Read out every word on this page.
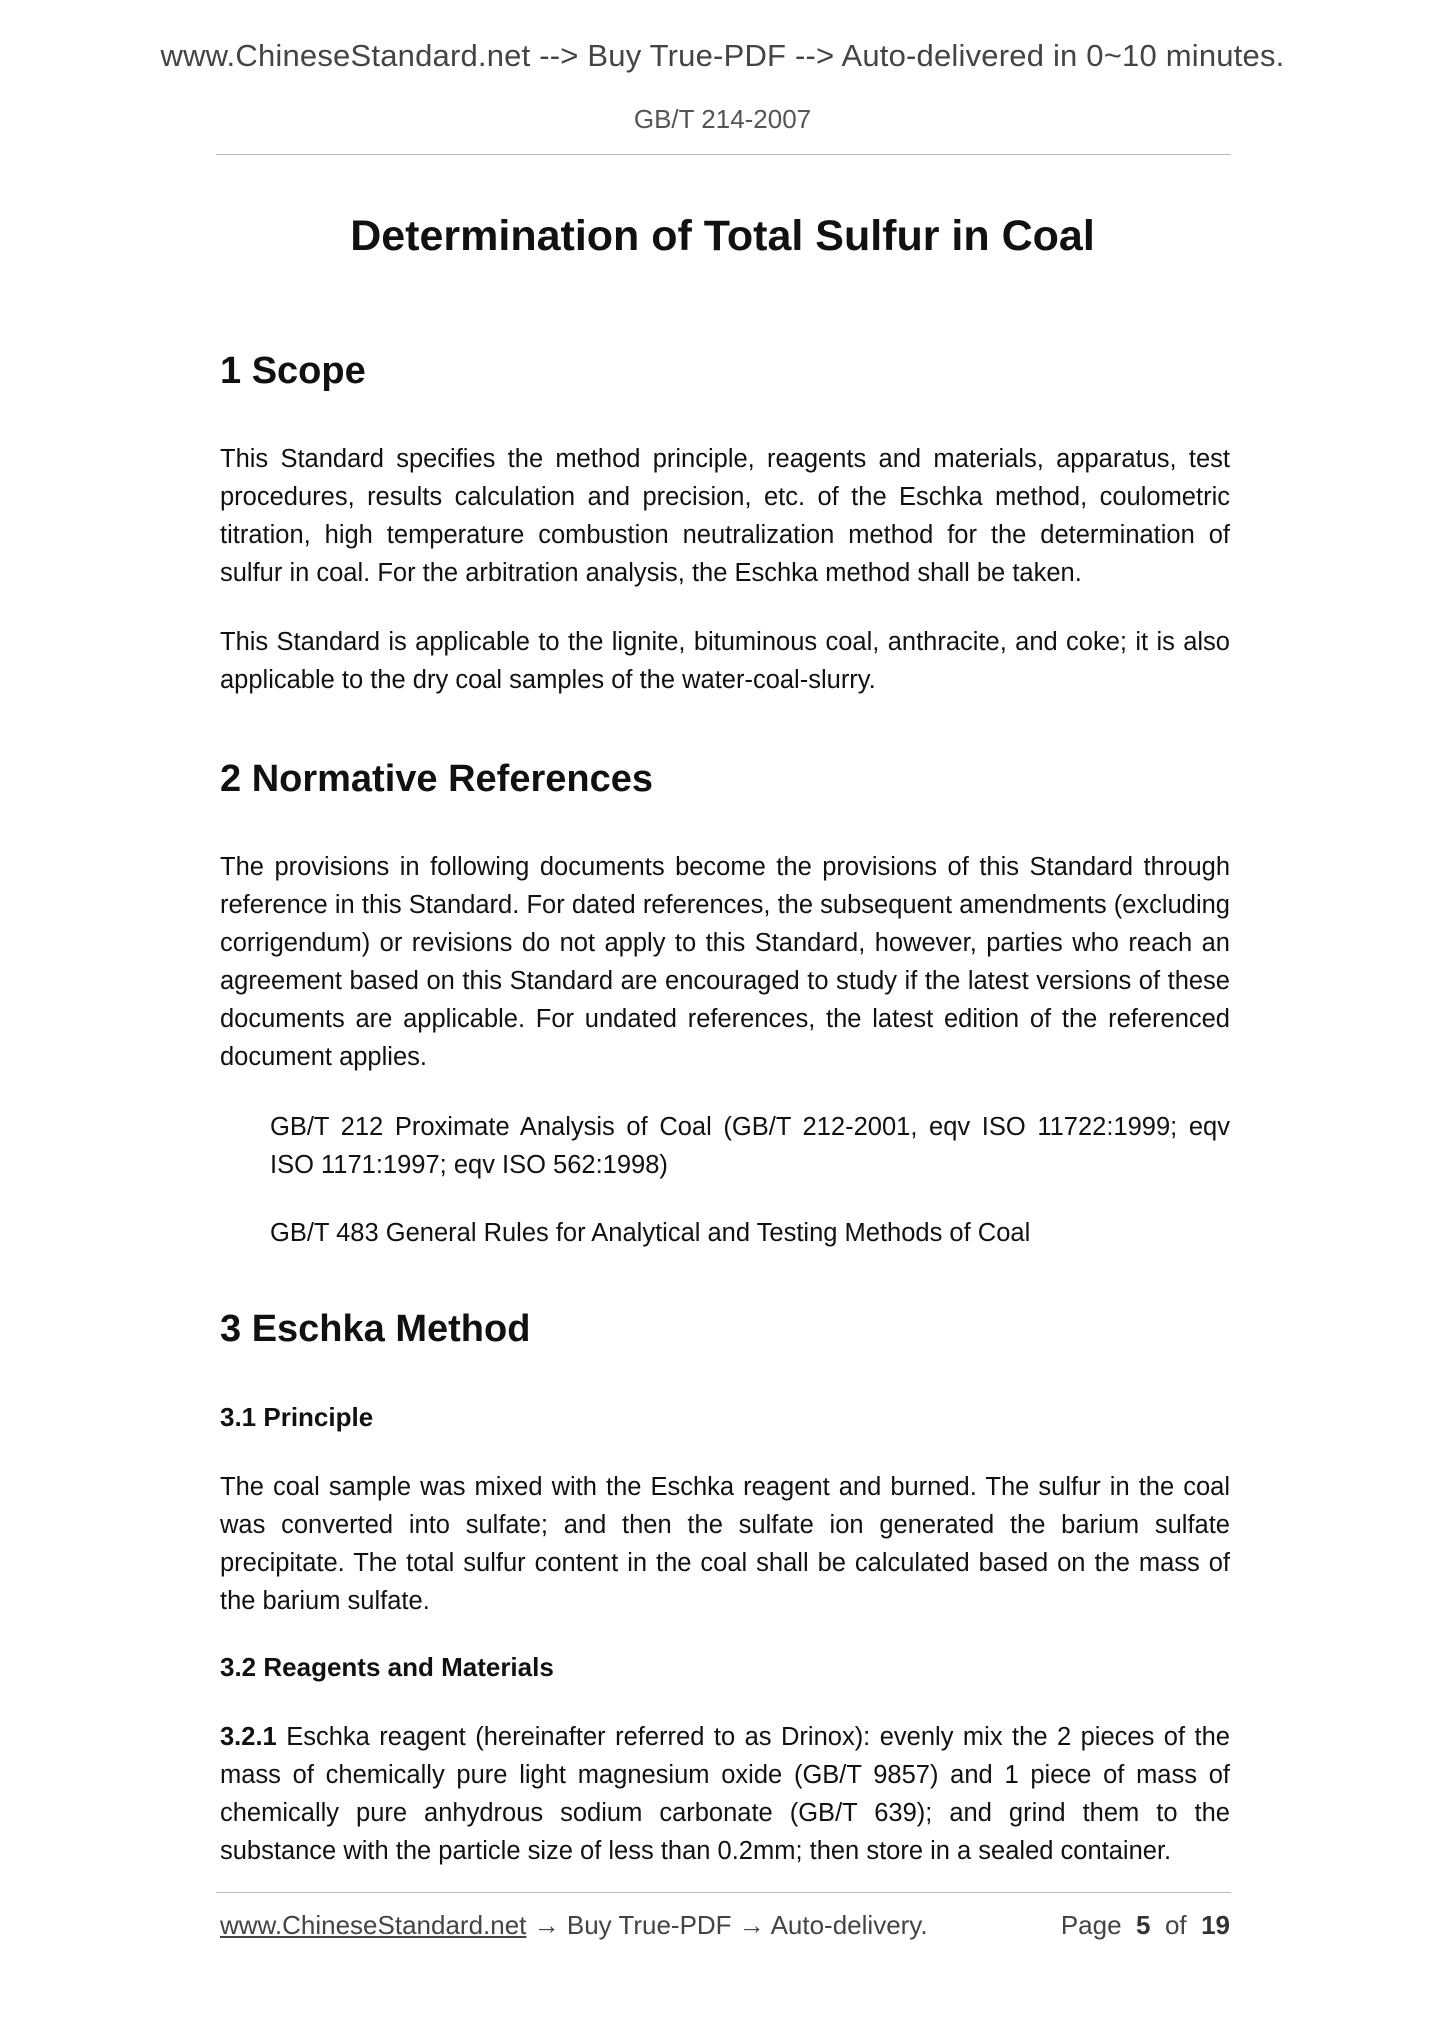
www.ChineseStandard.net --> Buy True-PDF --> Auto-delivered in 0~10 minutes.
GB/T 214-2007
Determination of Total Sulfur in Coal
1 Scope

This Standard specifies the method principle, reagents and materials, apparatus, test procedures, results calculation and precision, etc. of the Eschka method, coulometric titration, high temperature combustion neutralization method for the determination of sulfur in coal. For the arbitration analysis, the Eschka method shall be taken.

This Standard is applicable to the lignite, bituminous coal, anthracite, and coke; it is also applicable to the dry coal samples of the water-coal-slurry.

2 Normative References

The provisions in following documents become the provisions of this Standard through reference in this Standard. For dated references, the subsequent amendments (excluding corrigendum) or revisions do not apply to this Standard, however, parties who reach an agreement based on this Standard are encouraged to study if the latest versions of these documents are applicable. For undated references, the latest edition of the referenced document applies.

GB/T 212 Proximate Analysis of Coal (GB/T 212-2001, eqv ISO 11722:1999; eqv ISO 1171:1997; eqv ISO 562:1998)

GB/T 483 General Rules for Analytical and Testing Methods of Coal

3 Eschka Method
3.1 Principle

The coal sample was mixed with the Eschka reagent and burned. The sulfur in the coal was converted into sulfate; and then the sulfate ion generated the barium sulfate precipitate. The total sulfur content in the coal shall be calculated based on the mass of the barium sulfate.

3.2 Reagents and Materials

3.2.1 Eschka reagent (hereinafter referred to as Drinox): evenly mix the 2 pieces of the mass of chemically pure light magnesium oxide (GB/T 9857) and 1 piece of mass of chemically pure anhydrous sodium carbonate (GB/T 639); and grind them to the substance with the particle size of less than 0.2mm; then store in a sealed container.

www.ChineseStandard.net → Buy True-PDF → Auto-delivery.	Page 5 of 19
